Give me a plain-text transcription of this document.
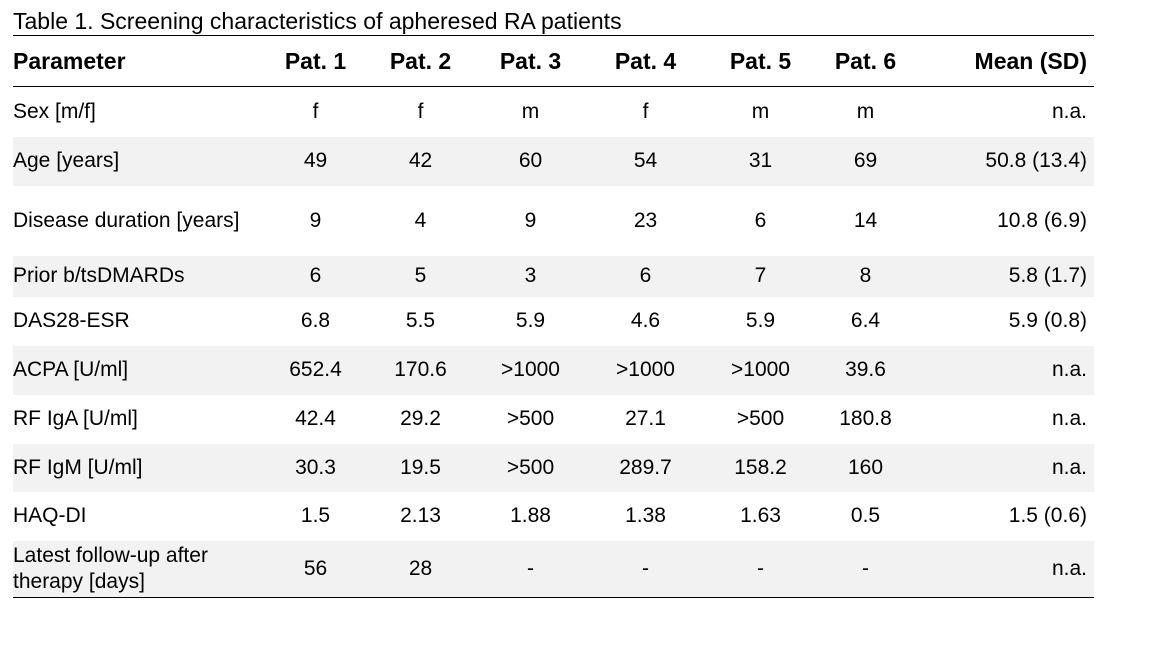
Table 1. Screening characteristics of apheresed RA patients
Parameter	Pat. 1	Pat. 2	Pat. 3	Pat. 4	Pat. 5	Pat. 6	Mean (SD)
Sex [m/f]	f	f	m	f	m	m	n.a.
Age [years]	49	42	60	54	31	69	50.8 (13.4)
Disease duration [years]	9	4	9	23	6	14	10.8 (6.9)
Prior b/tsDMARDs	6	5	3	6	7	8	5.8 (1.7)
DAS28-ESR	6.8	5.5	5.9	4.6	5.9	6.4	5.9 (0.8)
ACPA [U/ml]	652.4	170.6	>1000	>1000	>1000	39.6	n.a.
RF IgA [U/ml]	42.4	29.2	>500	27.1	>500	180.8	n.a.
RF IgM [U/ml]	30.3	19.5	>500	289.7	158.2	160	n.a.
HAQ-DI	1.5	2.13	1.88	1.38	1.63	0.5	1.5 (0.6)
Latest follow-up after therapy [days]	56	28	-	-	-	-	n.a.
